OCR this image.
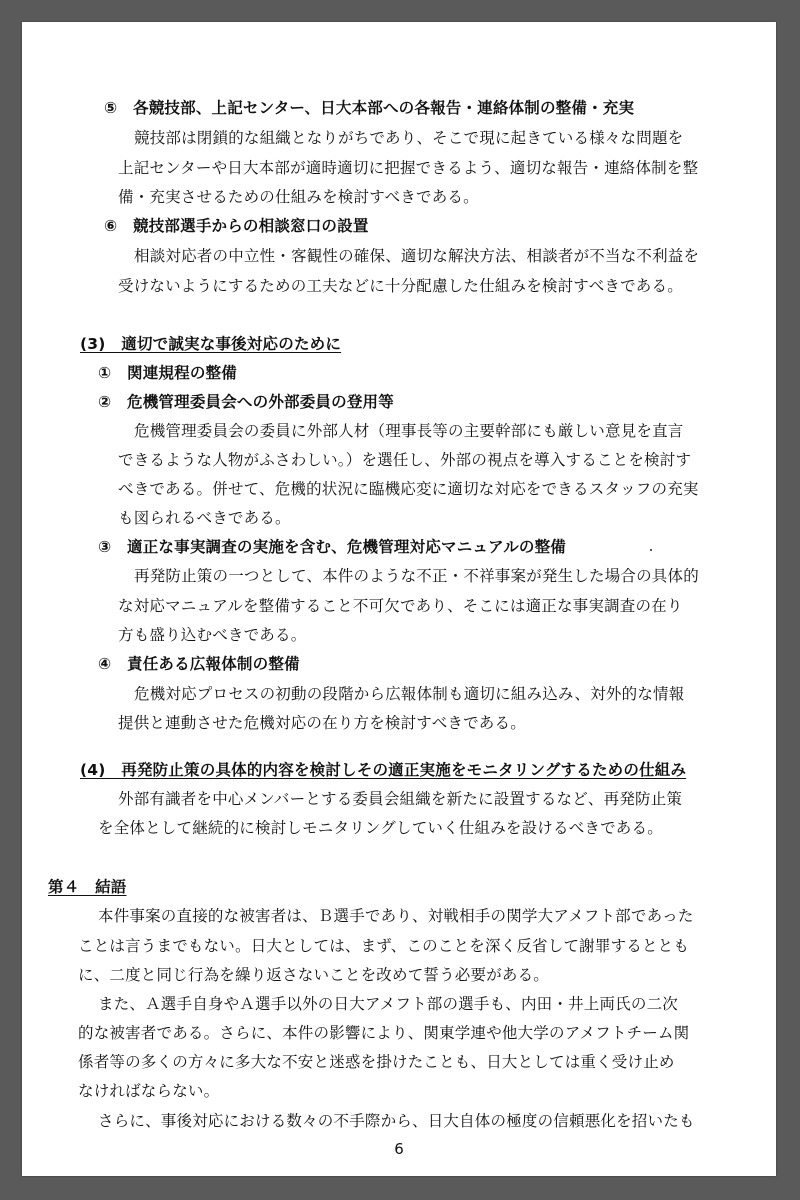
⑤　各競技部、上記センター、日大本部への各報告・連絡体制の整備・充実
競技部は閉鎖的な組織となりがちであり、そこで現に起きている様々な問題を
上記センターや日大本部が適時適切に把握できるよう、適切な報告・連絡体制を整
備・充実させるための仕組みを検討すべきである。
⑥　競技部選手からの相談窓口の設置
相談対応者の中立性・客観性の確保、適切な解決方法、相談者が不当な不利益を
受けないようにするための工夫などに十分配慮した仕組みを検討すべきである。
(3)　適切で誠実な事後対応のために
①　関連規程の整備
②　危機管理委員会への外部委員の登用等
危機管理委員会の委員に外部人材（理事長等の主要幹部にも厳しい意見を直言
できるような人物がふさわしい。）を選任し、外部の視点を導入することを検討す
べきである。併せて、危機的状況に臨機応変に適切な対応をできるスタッフの充実
も図られるべきである。
③　適正な事実調査の実施を含む、危機管理対応マニュアルの整備
再発防止策の一つとして、本件のような不正・不祥事案が発生した場合の具体的
な対応マニュアルを整備すること不可欠であり、そこには適正な事実調査の在り
方も盛り込むべきである。
④　責任ある広報体制の整備
危機対応プロセスの初動の段階から広報体制も適切に組み込み、対外的な情報
提供と連動させた危機対応の在り方を検討すべきである。
(4)　再発防止策の具体的内容を検討しその適正実施をモニタリングするための仕組み
外部有識者を中心メンバーとする委員会組織を新たに設置するなど、再発防止策
を全体として継続的に検討しモニタリングしていく仕組みを設けるべきである。
第４　結語
本件事案の直接的な被害者は、Ｂ選手であり、対戦相手の関学大アメフト部であった
ことは言うまでもない。日大としては、まず、このことを深く反省して謝罪するととも
に、二度と同じ行為を繰り返さないことを改めて誓う必要がある。
また、Ａ選手自身やＡ選手以外の日大アメフト部の選手も、内田・井上両氏の二次
的な被害者である。さらに、本件の影響により、関東学連や他大学のアメフトチーム関
係者等の多くの方々に多大な不安と迷惑を掛けたことも、日大としては重く受け止め
なければならない。
さらに、事後対応における数々の不手際から、日大自体の極度の信頼悪化を招いたも
6
